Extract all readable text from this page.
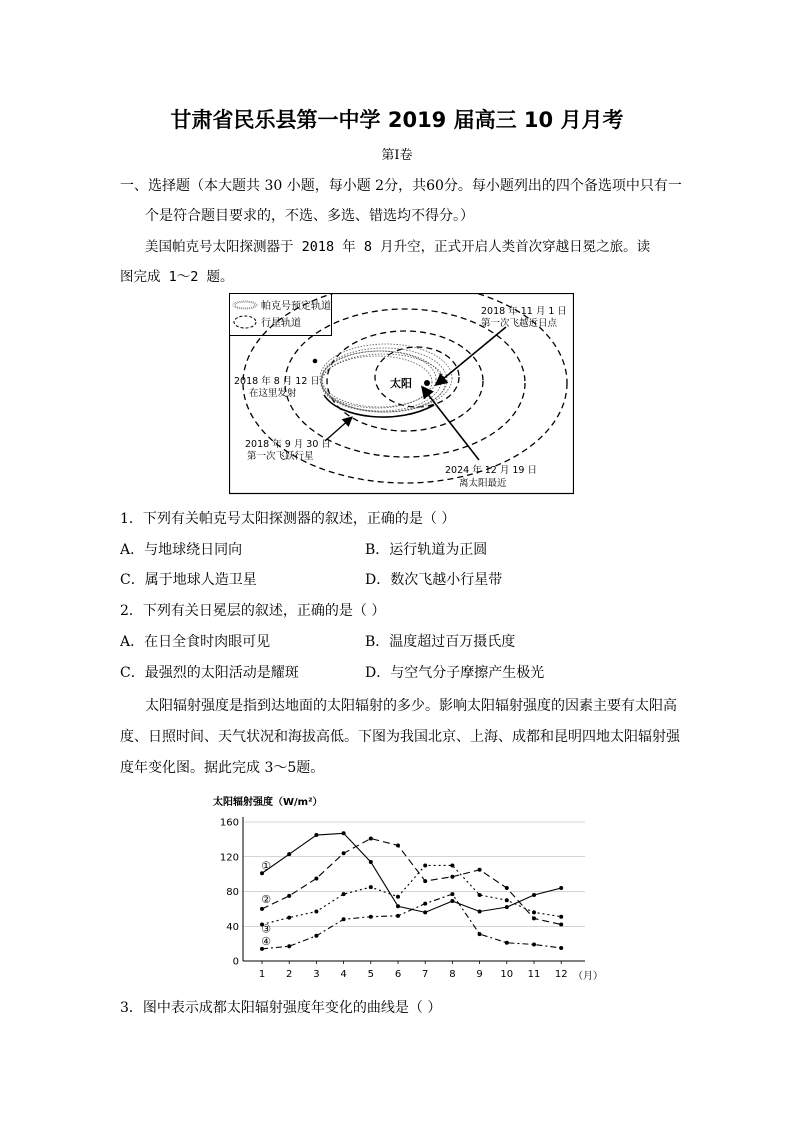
甘肃省民乐县第一中学 2019 届高三 10 月月考
第Ⅰ卷
一、选择题（本大题共 30 小题，每小题 2分，共60分。每小题列出的四个备选项中只有一
个是符合题目要求的，不选、多选、错选均不得分。）
美国帕克号太阳探测器于 2018 年 8 月升空，正式开启人类首次穿越日冕之旅。读
图完成 1～2 题。
帕克号预定轨道
行星轨道
太阳
2018 年 11 月 1 日
第一次飞越近日点
2018 年 8 月 12 日
在这里发射
2018 年 9 月 30 日
第一次飞跃行星
2024 年 12 月 19 日
离太阳最近
1．下列有关帕克号太阳探测器的叙述，正确的是（ ）
A．与地球绕日同向	B．运行轨道为正圆
C．属于地球人造卫星	D．数次飞越小行星带
2．下列有关日冕层的叙述，正确的是（ ）
A．在日全食时肉眼可见	B．温度超过百万摄氏度
C．最强烈的太阳活动是耀斑	D．与空气分子摩擦产生极光
太阳辐射强度是指到达地面的太阳辐射的多少。影响太阳辐射强度的因素主要有太阳高
度、日照时间、天气状况和海拔高低。下图为我国北京、上海、成都和昆明四地太阳辐射强
度年变化图。据此完成 3～5题。
太阳辐射强度（W/m²）
（月）
0
40
80
120
160
1 2 3 4 5 6 7 8 9 10 11 12
①
②
③
④
3．图中表示成都太阳辐射强度年变化的曲线是（ ）
